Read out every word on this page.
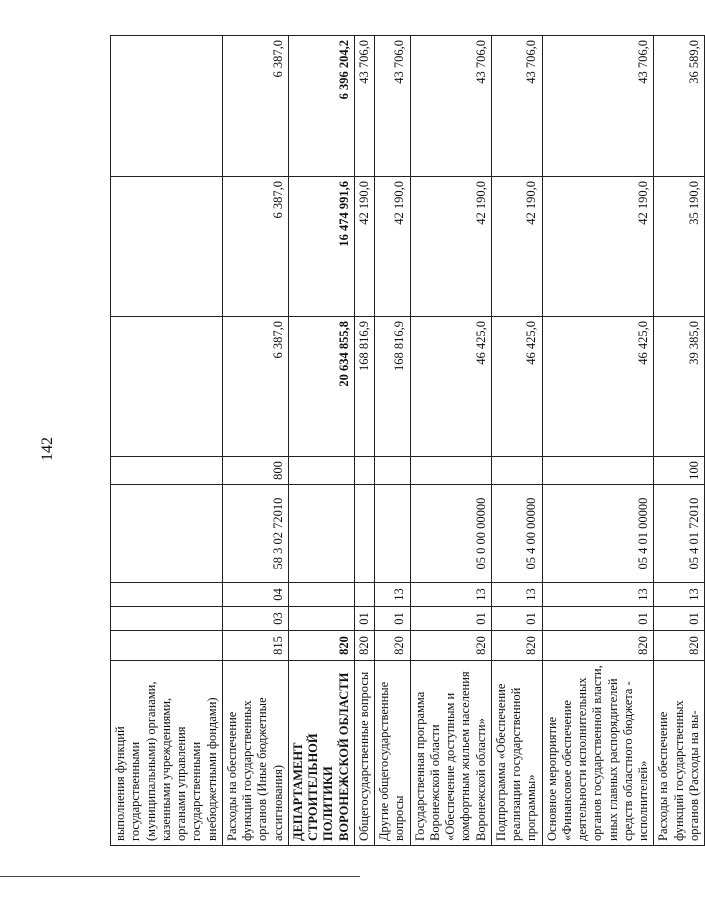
142
выполнения функций государственными (муниципальными) органами, казенными учреждениями, органами управления государственными внебюджетными фондами)								
Расходы на обеспечение функций государственных органов (Иные бюджетные ассигнования)	815	03	04	58 3 02 72010	800	6 387,0	6 387,0	6 387,0
ДЕПАРТАМЕНТ СТРОИТЕЛЬНОЙ ПОЛИТИКИ ВОРОНЕЖСКОЙ ОБЛАСТИ	820					20 634 855,8	16 474 991,6	6 396 204,2
Общегосударственные вопросы	820	01				168 816,9	42 190,0	43 706,0
Другие общегосударственные вопросы	820	01	13			168 816,9	42 190,0	43 706,0
Государственная программа Воронежской области «Обеспечение доступным и комфортным жильем населения Воронежской области»	820	01	13	05 0 00 00000		46 425,0	42 190,0	43 706,0
Подпрограмма «Обеспечение реализации государственной программы»	820	01	13	05 4 00 00000		46 425,0	42 190,0	43 706,0
Основное мероприятие «Финансовое обеспечение деятельности исполнительных органов государственной власти, иных главных распорядителей средств областного бюджета - исполнителей»	820	01	13	05 4 01 00000		46 425,0	42 190,0	43 706,0
Расходы на обеспечение функций государственных органов (Расходы на вы-	820	01	13	05 4 01 72010	100	39 385,0	35 190,0	36 589,0
